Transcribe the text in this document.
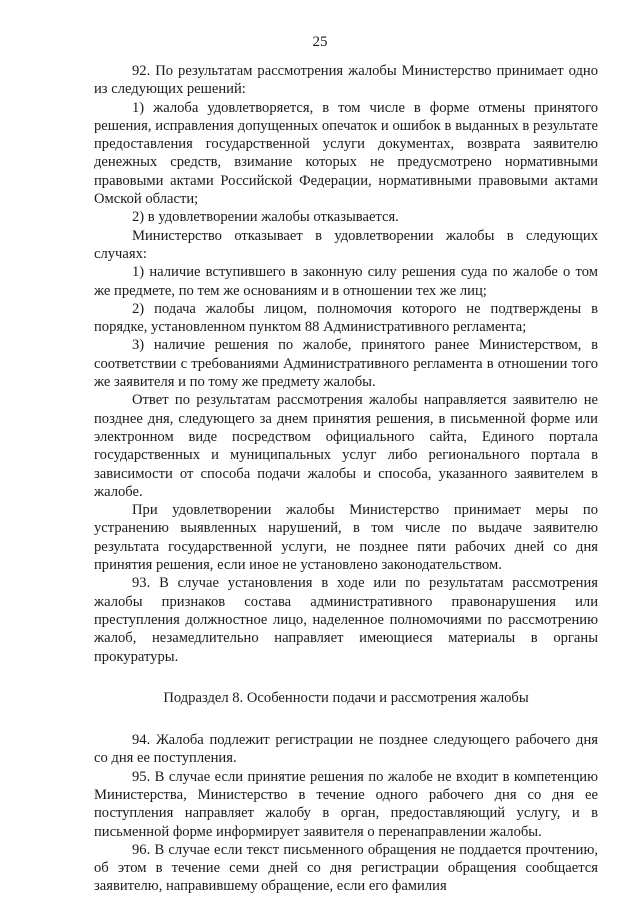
25

92. По результатам рассмотрения жалобы Министерство принимает одно из следующих решений:

1) жалоба удовлетворяется, в том числе в форме отмены принятого решения, исправления допущенных опечаток и ошибок в выданных в результате предоставления государственной услуги документах, возврата заявителю денежных средств, взимание которых не предусмотрено нормативными правовыми актами Российской Федерации, нормативными правовыми актами Омской области;

2) в удовлетворении жалобы отказывается.

Министерство отказывает в удовлетворении жалобы в следующих случаях:

1) наличие вступившего в законную силу решения суда по жалобе о том же предмете, по тем же основаниям и в отношении тех же лиц;

2) подача жалобы лицом, полномочия которого не подтверждены в порядке, установленном пунктом 88 Административного регламента;

3) наличие решения по жалобе, принятого ранее Министерством, в соответствии с требованиями Административного регламента в отношении того же заявителя и по тому же предмету жалобы.

Ответ по результатам рассмотрения жалобы направляется заявителю не позднее дня, следующего за днем принятия решения, в письменной форме или электронном виде посредством официального сайта, Единого портала государственных и муниципальных услуг либо регионального портала в зависимости от способа подачи жалобы и способа, указанного заявителем в жалобе.

При удовлетворении жалобы Министерство принимает меры по устранению выявленных нарушений, в том числе по выдаче заявителю результата государственной услуги, не позднее пяти рабочих дней со дня принятия решения, если иное не установлено законодательством.

93. В случае установления в ходе или по результатам рассмотрения жалобы признаков состава административного правонарушения или преступления должностное лицо, наделенное полномочиями по рассмотрению жалоб, незамедлительно направляет имеющиеся материалы в органы прокуратуры.

Подраздел 8. Особенности подачи и рассмотрения жалобы

94. Жалоба подлежит регистрации не позднее следующего рабочего дня со дня ее поступления.

95. В случае если принятие решения по жалобе не входит в компетенцию Министерства, Министерство в течение одного рабочего дня со дня ее поступления направляет жалобу в орган, предоставляющий услугу, и в письменной форме информирует заявителя о перенаправлении жалобы.

96. В случае если текст письменного обращения не поддается прочтению, об этом в течение семи дней со дня регистрации обращения сообщается заявителю, направившему обращение, если его фамилия
